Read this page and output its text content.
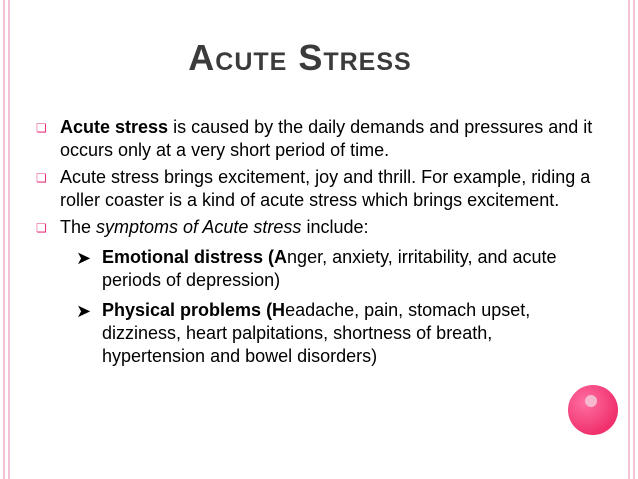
Acute Stress
❏ Acute stress is caused by the daily demands and pressures and it occurs only at a very short period of time.
❏ Acute stress brings excitement, joy and thrill. For example, riding a roller coaster is a kind of acute stress which brings excitement.
❏ The symptoms of Acute stress include:
➤ Emotional distress (Anger, anxiety, irritability, and acute periods of depression)
➤ Physical problems (Headache, pain, stomach upset, dizziness, heart palpitations, shortness of breath, hypertension and bowel disorders)
